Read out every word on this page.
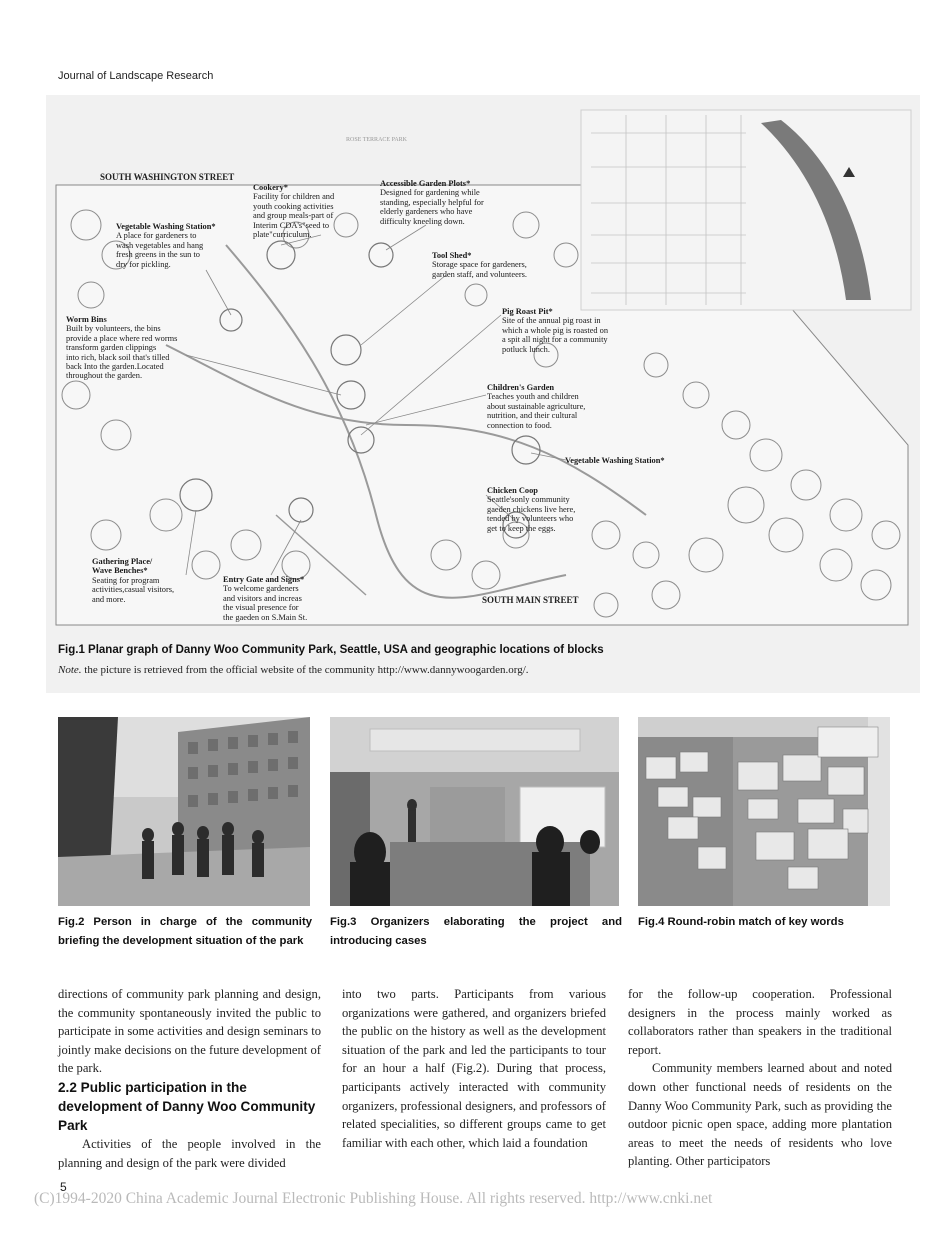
Journal of Landscape Research
SOUTH WASHINGTON STREET
SOUTH MAIN STREET
ROSE TERRACE PARK
Cookery*
Facility for children and
youth cooking activities
and group meals-part of
Interim CDA's"seed to
plate"curriculum.
Accessible Garden Plots*
Designed for gardening while
standing, especially helpful for
elderly gardeners who have
difficulty kneeling down.
Vegetable Washing Station*
A place for gardeners to
wash vegetables and hang
fresh greens in the sun to
dry for pickling.
Tool Shed*
Storage space for gardeners,
garden staff, and volunteers.
Worm Bins
Built by volunteers, the bins
provide a place where red worms
transform garden clippings
into rich, black soil that's tilled
back Into the garden.Located
throughout the garden.
Pig Roast Pit*
Site of the annual pig roast in
which a whole pig is roasted on
a spit all night for a community
potluck lunch.
Children's Garden
Teaches youth and children
about sustainable agriculture,
nutrition, and their cultural
connection to food.
Vegetable Washing Station*
Chicken Coop
Seattle'sonly community
gaeden chickens live here,
tended by volunteers who
get to keep the eggs.
Gathering Place/
Wave Benches*
Seating for program
activities,casual visitors,
and more.
Entry Gate and Signs*
To welcome gardeners
and visitors and increas
the visual presence for
the gaeden on S.Main St.
Fig.1 Planar graph of Danny Woo Community Park, Seattle, USA and geographic locations of blocks
Note. the picture is retrieved from the official website of the community http://www.dannywoogarden.org/.
Fig.2 Person in charge of the community briefing the development situation of the park
Fig.3 Organizers elaborating the project and introducing cases
Fig.4 Round-robin match of key words

directions of community park planning and design, the community spontaneously invited the public to participate in some activities and design seminars to jointly make decisions on the future development of the park.

2.2 Public participation in the development of Danny Woo Community Park

Activities of the people involved in the planning and design of the park were divided

into two parts. Participants from various organizations were gathered, and organizers briefed the public on the history as well as the development situation of the park and led the participants to tour for an hour a half (Fig.2). During that process, participants actively interacted with community organizers, professional designers, and professors of related specialities, so different groups came to get familiar with each other, which laid a foundation

for the follow-up cooperation. Professional designers in the process mainly worked as collaborators rather than speakers in the traditional report.

Community members learned about and noted down other functional needs of residents on the Danny Woo Community Park, such as providing the outdoor picnic open space, adding more plantation areas to meet the needs of residents who love planting. Other participators

5
(C)1994-2020 China Academic Journal Electronic Publishing House. All rights reserved. http://www.cnki.net
